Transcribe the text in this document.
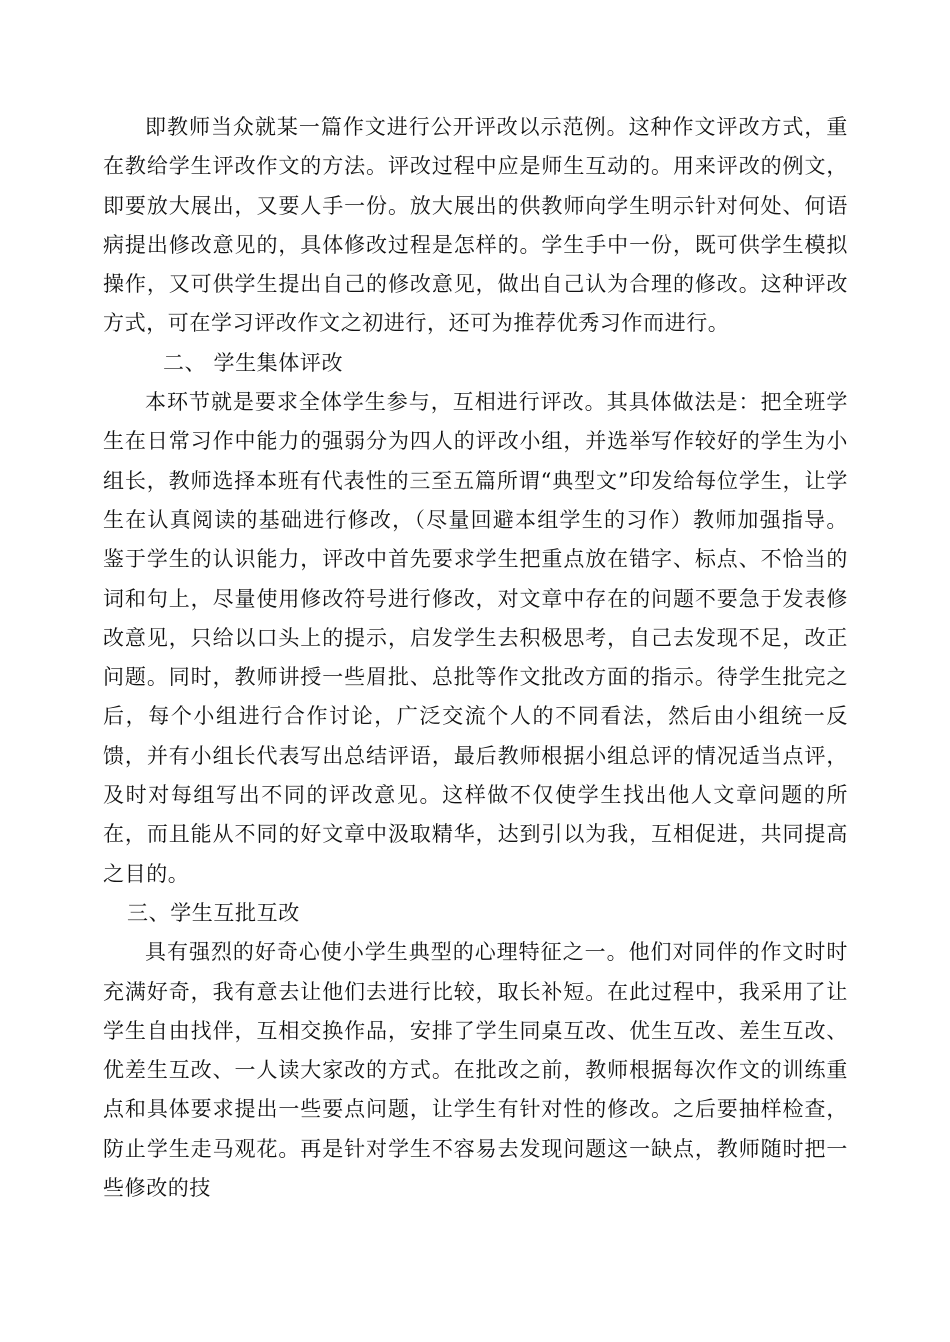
即教师当众就某一篇作文进行公开评改以示范例。这种作文评改方式，重在教给学生评改作文的方法。评改过程中应是师生互动的。用来评改的例文，即要放大展出，又要人手一份。放大展出的供教师向学生明示针对何处、何语病提出修改意见的，具体修改过程是怎样的。学生手中一份，既可供学生模拟操作，又可供学生提出自己的修改意见，做出自己认为合理的修改。这种评改方式，可在学习评改作文之初进行，还可为推荐优秀习作而进行。

二、 学生集体评改

本环节就是要求全体学生参与，互相进行评改。其具体做法是：把全班学生在日常习作中能力的强弱分为四人的评改小组，并选举写作较好的学生为小组长，教师选择本班有代表性的三至五篇所谓“典型文”印发给每位学生，让学生在认真阅读的基础进行修改，（尽量回避本组学生的习作）教师加强指导。鉴于学生的认识能力，评改中首先要求学生把重点放在错字、标点、不恰当的词和句上，尽量使用修改符号进行修改，对文章中存在的问题不要急于发表修改意见，只给以口头上的提示，启发学生去积极思考，自己去发现不足，改正问题。同时，教师讲授一些眉批、总批等作文批改方面的指示。待学生批完之后，每个小组进行合作讨论，广泛交流个人的不同看法，然后由小组统一反馈，并有小组长代表写出总结评语，最后教师根据小组总评的情况适当点评，及时对每组写出不同的评改意见。这样做不仅使学生找出他人文章问题的所在，而且能从不同的好文章中汲取精华，达到引以为我，互相促进，共同提高之目的。

三、学生互批互改

具有强烈的好奇心使小学生典型的心理特征之一。他们对同伴的作文时时充满好奇，我有意去让他们去进行比较，取长补短。在此过程中，我采用了让学生自由找伴，互相交换作品，安排了学生同桌互改、优生互改、差生互改、优差生互改、一人读大家改的方式。在批改之前，教师根据每次作文的训练重点和具体要求提出一些要点问题，让学生有针对性的修改。之后要抽样检查，防止学生走马观花。再是针对学生不容易去发现问题这一缺点，教师随时把一些修改的技
